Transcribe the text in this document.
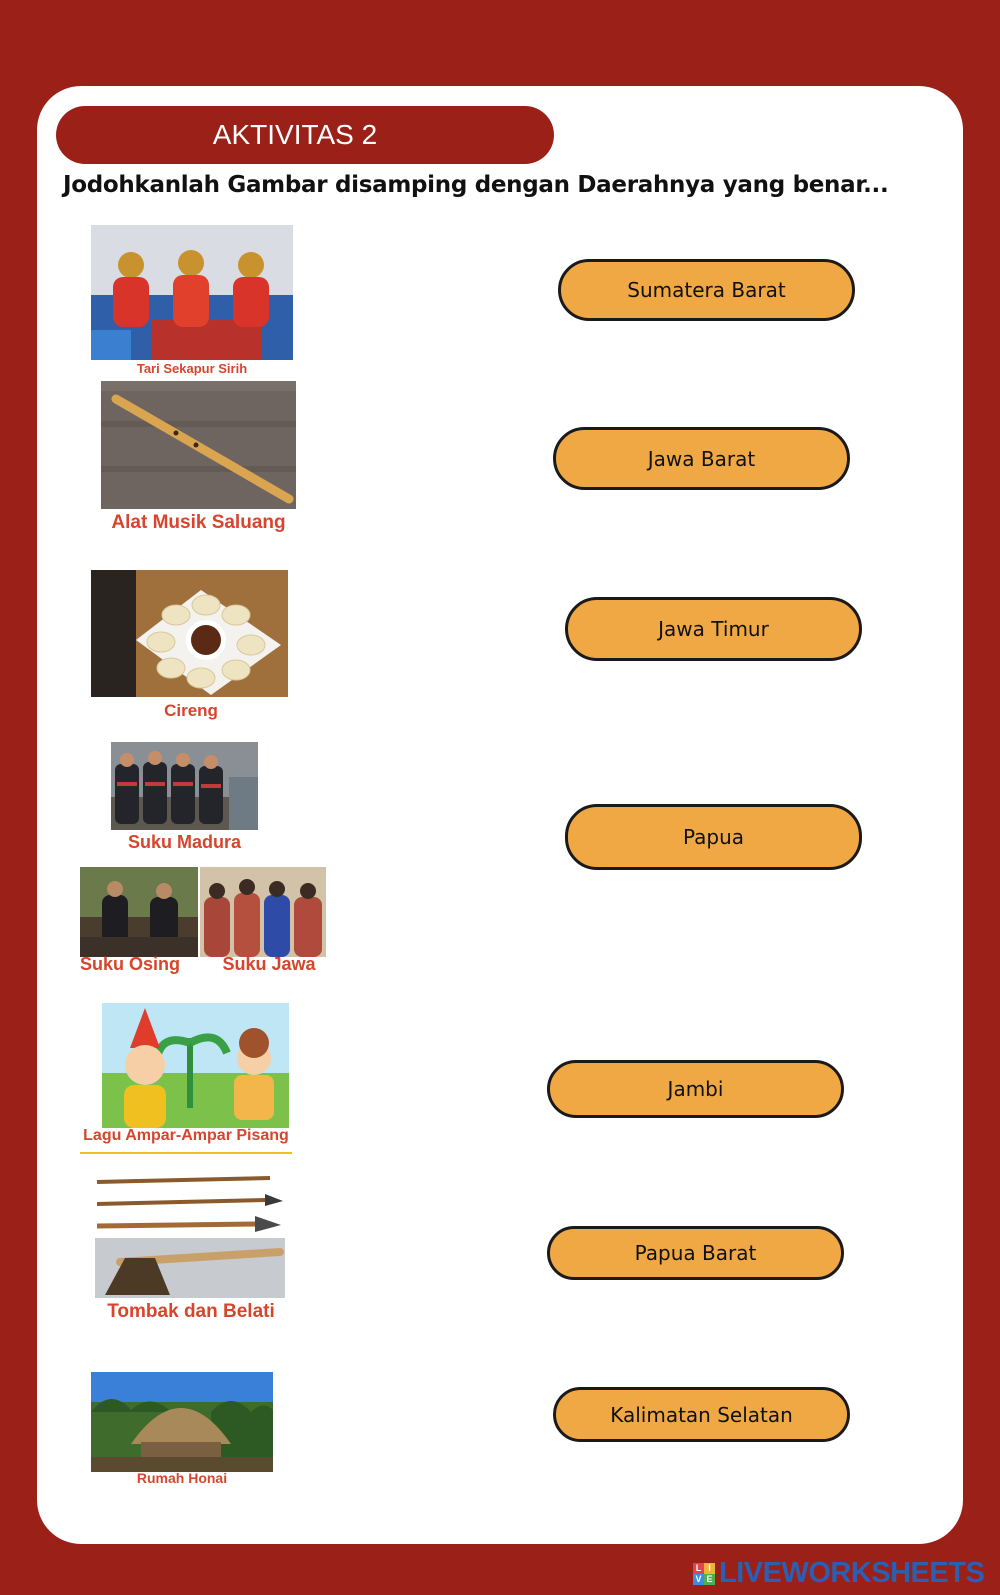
AKTIVITAS 2
Jodohkanlah Gambar disamping dengan Daerahnya yang benar...
Tari Sekapur Sirih
Alat Musik Saluang
Cireng
Suku Madura
Suku Osing	Suku Jawa
Lagu Ampar-Ampar Pisang
Tombak dan Belati
Rumah Honai
Sumatera Barat
Jawa Barat
Jawa Timur
Papua
Jambi
Papua Barat
Kalimatan Selatan
L I
V E LIVEWORKSHEETS
